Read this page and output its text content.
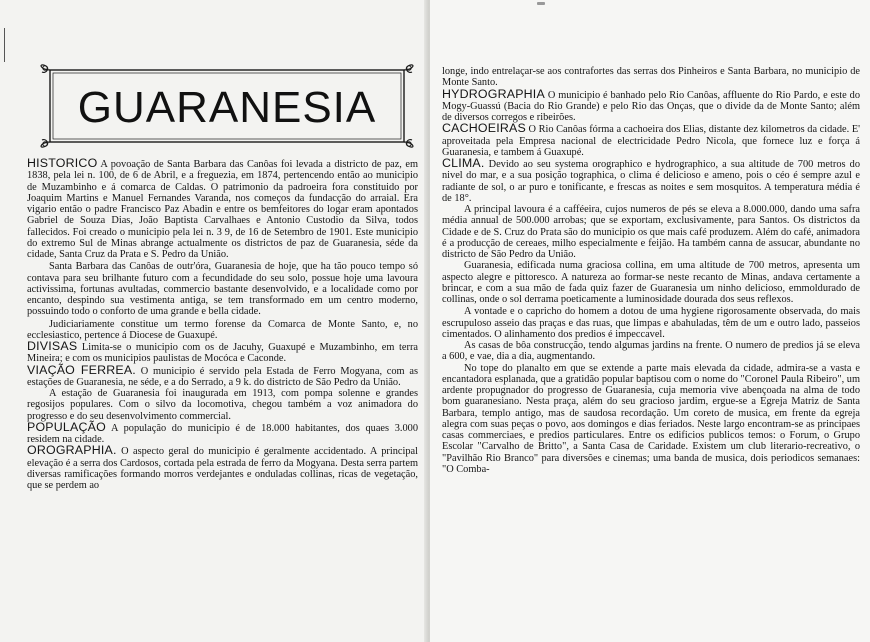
GUARANESIA

HISTORICO A povoação de Santa Barbara das Canôas foi levada a districto de paz, em 1838, pela lei n. 100, de 6 de Abril, e a freguezia, em 1874, pertencendo então ao municipio de Muzambinho e á comarca de Caldas. O patrimonio da padroeira fora constituido por Joaquim Martins e Manuel Fernandes Varanda, nos começos da fundacção do arraial. Era vigario então o padre Francisco Paz Abadin e entre os bemfeitores do logar eram apontados Gabriel de Souza Dias, João Baptista Carvalhaes e Antonio Custodio da Silva, todos fallecidos. Foi creado o municipio pela lei n. 3 9, de 16 de Setembro de 1901. Este municipio do extremo Sul de Minas abrange actualmente os districtos de paz de Guaranesia, séde da cidade, Santa Cruz da Prata e S. Pedro da União.

Santa Barbara das Canôas de outr'óra, Guaranesia de hoje, que ha tão pouco tempo só contava para seu brilhante futuro com a fecundidade do seu solo, possue hoje uma lavoura activissima, fortunas avultadas, commercio bastante desenvolvido, e a localidade como por encanto, despindo sua vestimenta antiga, se tem transformado em um centro moderno, possuindo todo o conforto de uma grande e bella cidade.

Judiciariamente constitue um termo forense da Comarca de Monte Santo, e, no ecclesiastico, pertence á Diocese de Guaxupé.

DIVISAS Limita-se o municipio com os de Jacuhy, Guaxupé e Muzambinho, em terra Mineira; e com os municipios paulistas de Mocóca e Caconde.

VIAÇÃO FERREA. O municipio é servido pela Estada de Ferro Mogyana, com as estações de Guaranesia, ne séde, e a do Serrado, a 9 k. do districto de São Pedro da União.

A estação de Guaranesia foi inaugurada em 1913, com pompa solenne e grandes regosijos populares. Com o silvo da locomotiva, chegou também a voz animadora do progresso e do seu desenvolvimento commercial.

POPULAÇÃO A população do municipio é de 18.000 habitantes, dos quaes 3.000 residem na cidade.

OROGRAPHIA. O aspecto geral do municipio é geralmente accidentado. A principal elevação é a serra dos Cardosos, cortada pela estrada de ferro da Mogyana. Desta serra partem diversas ramificações formando morros verdejantes e onduladas collinas, ricas de vegetação, que se perdem ao

longe, indo entrelaçar-se aos contrafortes das serras dos Pinheiros e Santa Barbara, no municipio de Monte Santo.

HYDROGRAPHIA O municipio é banhado pelo Rio Canôas, affluente do Rio Pardo, e este do Mogy-Guassú (Bacia do Rio Grande) e pelo Rio das Onças, que o divide da de Monte Santo; além de diversos corregos e ribeirões.

CACHOEIRAS O Rio Canôas fórma a cachoeira dos Elias, distante dez kilometros da cidade. E' aproveitada pela Empresa nacional de electricidade Pedro Nicola, que fornece luz e força á Guaranesia, e tambem á Guaxupé.

CLIMA. Devido ao seu systema orographico e hydrographico, a sua altitude de 700 metros do nivel do mar, e a sua posição tographica, o clima é delicioso e ameno, pois o céo é sempre azul e radiante de sol, o ar puro e tonificante, e frescas as noites e sem mosquitos. A temperatura média é de 18°.

A principal lavoura é a cafféeira, cujos numeros de pés se eleva a 8.000.000, dando uma safra média annual de 500.000 arrobas; que se exportam, exclusivamente, para Santos. Os districtos da Cidade e de S. Cruz do Prata são do municipio os que mais café produzem. Além do café, animadora é a producção de cereaes, milho especialmente e feijão. Ha também canna de assucar, abundante no districto de São Pedro da União.

Guaranesia, edificada numa graciosa collina, em uma altitude de 700 metros, apresenta um aspecto alegre e pittoresco. A natureza ao formar-se neste recanto de Minas, andava certamente a brincar, e com a sua mão de fada quiz fazer de Guaranesia um ninho delicioso, emmoldurado de collinas, onde o sol derrama poeticamente a luminosidade dourada dos seus reflexos.

A vontade e o capricho do homem a dotou de uma hygiene rigorosamente observada, do mais escrupuloso asseio das praças e das ruas, que limpas e abahuladas, têm de um e outro lado, passeios cimentados. O alinhamento dos predios é impeccavel.

As casas de bôa construcção, tendo algumas jardins na frente. O numero de predios já se eleva a 600, e vae, dia a dia, augmentando.

No tope do planalto em que se extende a parte mais elevada da cidade, admira-se a vasta e encantadora esplanada, que a gratidão popular baptisou com o nome do "Coronel Paula Ribeiro", um ardente propugnador do progresso de Guaranesia, cuja memoria vive abençoada na alma de todo bom guaranesiano. Nesta praça, além do seu gracioso jardim, ergue-se a Egreja Matriz de Santa Barbara, templo antigo, mas de saudosa recordação. Um coreto de musica, em frente da egreja alegra com suas peças o povo, aos domingos e dias feriados. Neste largo encontram-se as principaes casas commerciaes, e predios particulares. Entre os edificios publicos temos: o Forum, o Grupo Escolar "Carvalho de Britto", a Santa Casa de Caridade. Existem um club literario-recreativo, o "Pavilhão Rio Branco" para diversões e cinemas; uma banda de musica, dois periodicos semanaes: "O Comba-
